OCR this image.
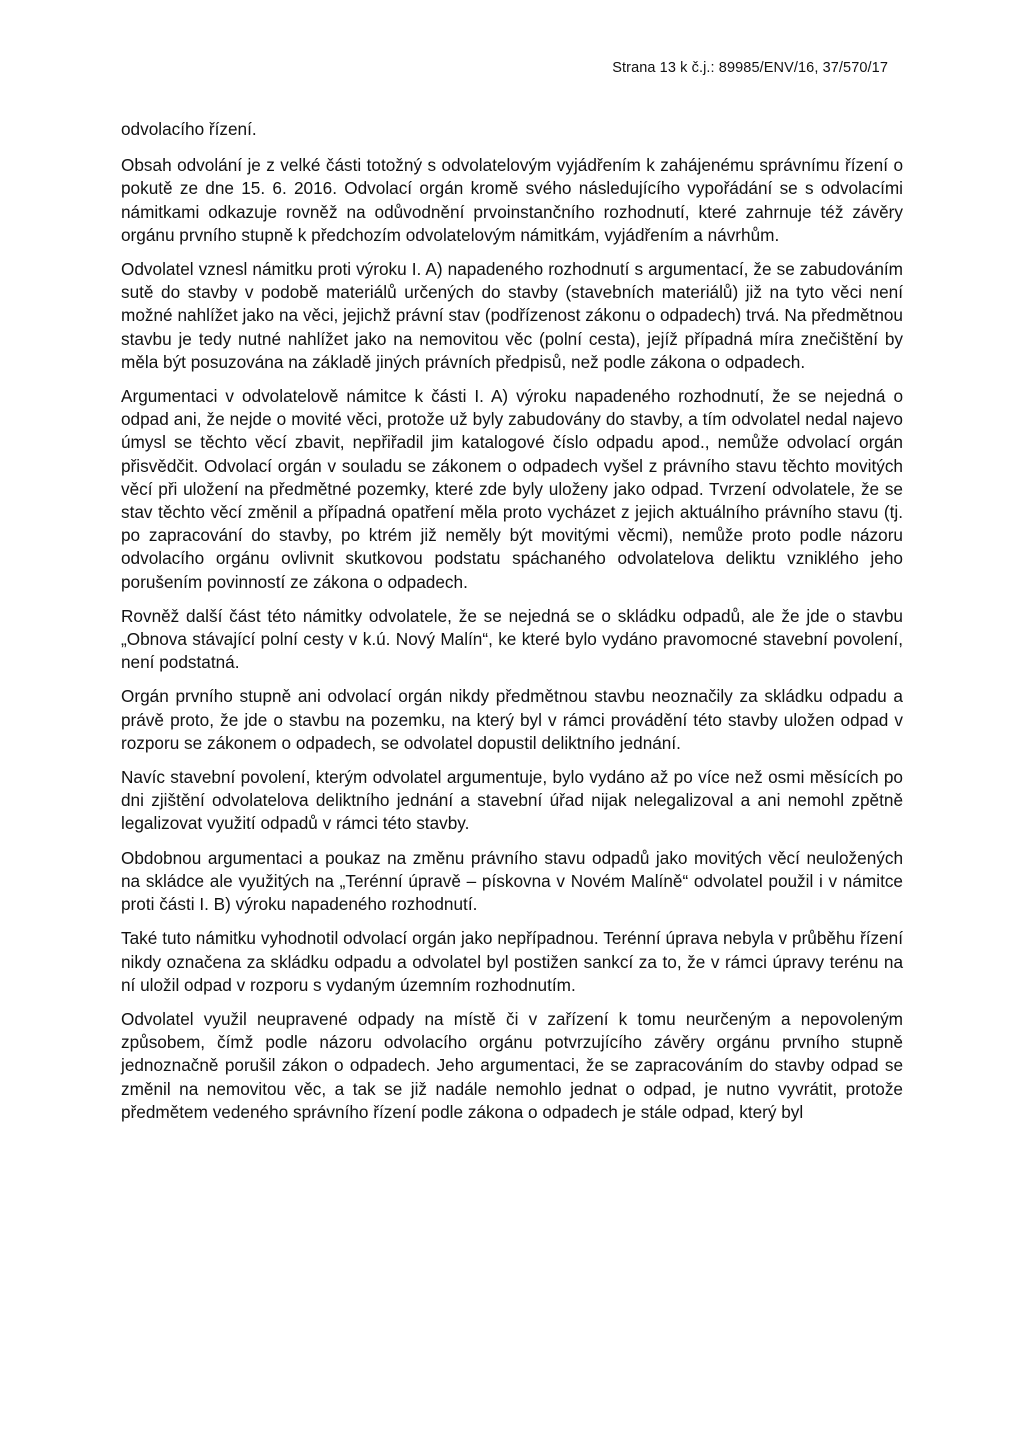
Strana 13 k č.j.: 89985/ENV/16, 37/570/17

odvolacího řízení.

Obsah odvolání je z velké části totožný s odvolatelovým vyjádřením k zahájenému správnímu řízení o pokutě ze dne 15. 6. 2016. Odvolací orgán kromě svého následujícího vypořádání se s odvolacími námitkami odkazuje rovněž na odůvodnění prvoinstančního rozhodnutí, které zahrnuje též závěry orgánu prvního stupně k předchozím odvolatelovým námitkám, vyjádřením a návrhům.

Odvolatel vznesl námitku proti výroku I. A) napadeného rozhodnutí s argumentací, že se zabudováním sutě do stavby v podobě materiálů určených do stavby (stavebních materiálů) již na tyto věci není možné nahlížet jako na věci, jejichž právní stav (podřízenost zákonu o odpadech) trvá. Na předmětnou stavbu je tedy nutné nahlížet jako na nemovitou věc (polní cesta), jejíž případná míra znečištění by měla být posuzována na základě jiných právních předpisů, než podle zákona o odpadech.

Argumentaci v odvolatelově námitce k části I. A) výroku napadeného rozhodnutí, že se nejedná o odpad ani, že nejde o movité věci, protože už byly zabudovány do stavby, a tím odvolatel nedal najevo úmysl se těchto věcí zbavit, nepřiřadil jim katalogové číslo odpadu apod., nemůže odvolací orgán přisvědčit. Odvolací orgán v souladu se zákonem o odpadech vyšel z právního stavu těchto movitých věcí při uložení na předmětné pozemky, které zde byly uloženy jako odpad. Tvrzení odvolatele, že se stav těchto věcí změnil a případná opatření měla proto vycházet z jejich aktuálního právního stavu (tj. po zapracování do stavby, po ktrém již neměly být movitými věcmi), nemůže proto podle názoru odvolacího orgánu ovlivnit skutkovou podstatu spáchaného odvolatelova deliktu vzniklého jeho porušením povinností ze zákona o odpadech.

Rovněž další část této námitky odvolatele, že se nejedná se o skládku odpadů, ale že jde o stavbu „Obnova stávající polní cesty v k.ú. Nový Malín“, ke které bylo vydáno pravomocné stavební povolení, není podstatná.

Orgán prvního stupně ani odvolací orgán nikdy předmětnou stavbu neoznačily za skládku odpadu a právě proto, že jde o stavbu na pozemku, na který byl v rámci provádění této stavby uložen odpad v rozporu se zákonem o odpadech, se odvolatel dopustil deliktního jednání.

Navíc stavební povolení, kterým odvolatel argumentuje, bylo vydáno až po více než osmi měsících po dni zjištění odvolatelova deliktního jednání a stavební úřad nijak nelegalizoval a ani nemohl zpětně legalizovat využití odpadů v rámci této stavby.

Obdobnou argumentaci a poukaz na změnu právního stavu odpadů jako movitých věcí neuložených na skládce ale využitých na „Terénní úpravě – pískovna v Novém Malíně“ odvolatel použil i v námitce proti části I. B) výroku napadeného rozhodnutí.

Také tuto námitku vyhodnotil odvolací orgán jako nepřípadnou. Terénní úprava nebyla v průběhu řízení nikdy označena za skládku odpadu a odvolatel byl postižen sankcí za to, že v rámci úpravy terénu na ní uložil odpad v rozporu s vydaným územním rozhodnutím.

Odvolatel využil neupravené odpady na místě či v zařízení k tomu neurčeným a nepovoleným způsobem, čímž podle názoru odvolacího orgánu potvrzujícího závěry orgánu prvního stupně jednoznačně porušil zákon o odpadech. Jeho argumentaci, že se zapracováním do stavby odpad se změnil na nemovitou věc, a tak se již nadále nemohlo jednat o odpad, je nutno vyvrátit, protože předmětem vedeného správního řízení podle zákona o odpadech je stále odpad, který byl
